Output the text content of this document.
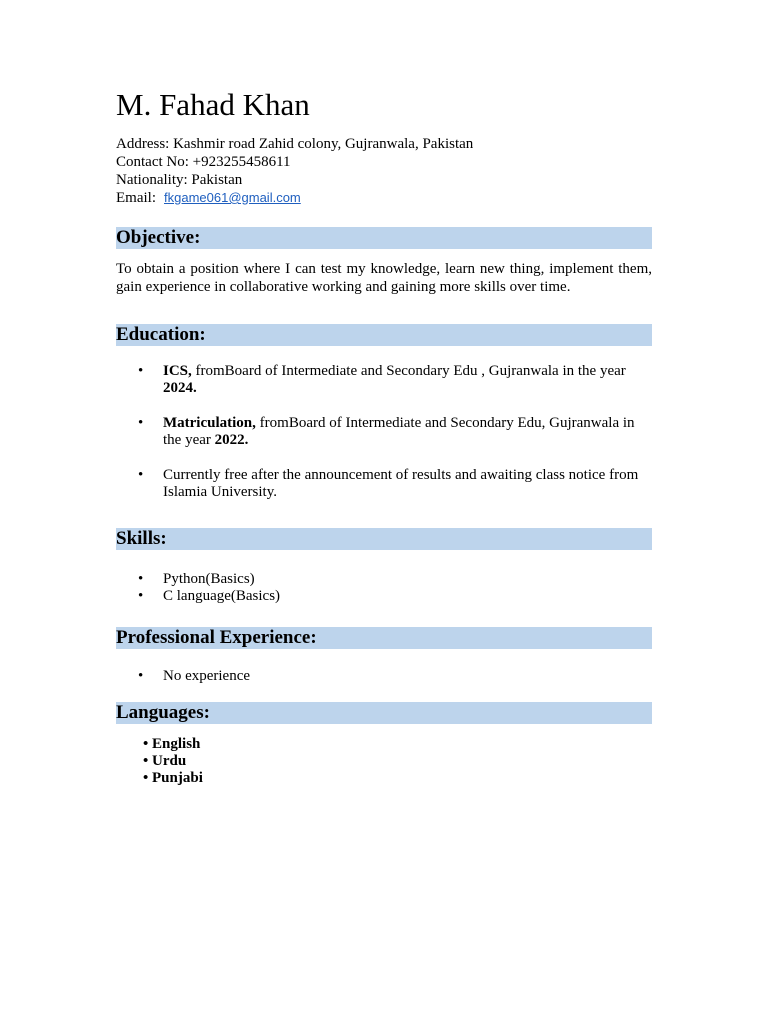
M. Fahad Khan
Address: Kashmir road Zahid colony, Gujranwala, Pakistan
Contact No: +923255458611
Nationality: Pakistan
Email: fkgame061@gmail.com
Objective:
To obtain a position where I can test my knowledge, learn new thing, implement them, gain experience in collaborative working and gaining more skills over time.
Education:
• ICS, fromBoard of Intermediate and Secondary Edu , Gujranwala in the year 2024.
• Matriculation, fromBoard of Intermediate and Secondary Edu, Gujranwala in the year 2022.
• Currently free after the announcement of results and awaiting class notice from Islamia University.
Skills:
• Python(Basics)
• C language(Basics)
Professional Experience:
• No experience
Languages:
• English
• Urdu
• Punjabi
